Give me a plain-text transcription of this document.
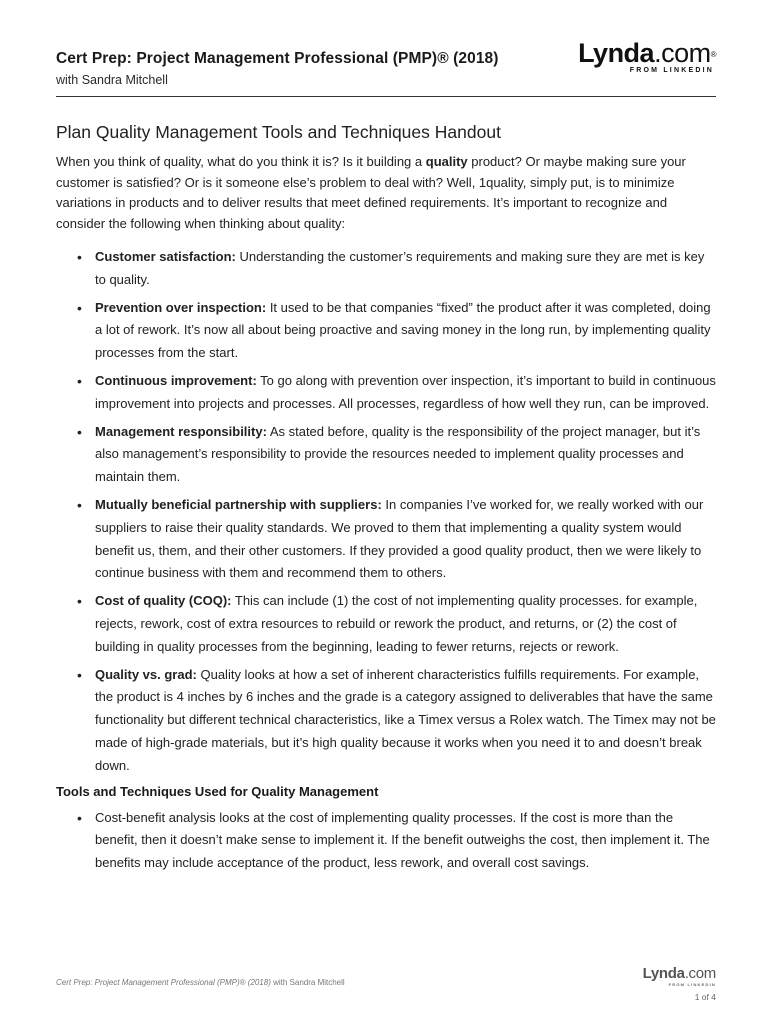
Cert Prep: Project Management Professional (PMP)® (2018)
with Sandra Mitchell
Lynda.com®
FROM LINKEDIN
Plan Quality Management Tools and Techniques Handout

When you think of quality, what do you think it is? Is it building a quality product? Or maybe making sure your customer is satisfied? Or is it someone else’s problem to deal with? Well, 1quality, simply put, is to minimize variations in products and to deliver results that meet defined requirements. It’s important to recognize and consider the following when thinking about quality:

• Customer satisfaction: Understanding the customer’s requirements and making sure they are met is key to quality.
• Prevention over inspection: It used to be that companies “fixed” the product after it was completed, doing a lot of rework. It’s now all about being proactive and saving money in the long run, by implementing quality processes from the start.
• Continuous improvement: To go along with prevention over inspection, it’s important to build in continuous improvement into projects and processes. All processes, regardless of how well they run, can be improved.
• Management responsibility: As stated before, quality is the responsibility of the project manager, but it’s also management’s responsibility to provide the resources needed to implement quality processes and maintain them.
• Mutually beneficial partnership with suppliers: In companies I’ve worked for, we really worked with our suppliers to raise their quality standards. We proved to them that implementing a quality system would benefit us, them, and their other customers. If they provided a good quality product, then we were likely to continue business with them and recommend them to others.
• Cost of quality (COQ): This can include (1) the cost of not implementing quality processes. for example, rejects, rework, cost of extra resources to rebuild or rework the product, and returns, or (2) the cost of building in quality processes from the beginning, leading to fewer returns, rejects or rework.
• Quality vs. grad: Quality looks at how a set of inherent characteristics fulfills requirements. For example, the product is 4 inches by 6 inches and the grade is a category assigned to deliverables that have the same functionality but different technical characteristics, like a Timex versus a Rolex watch. The Timex may not be made of high-grade materials, but it’s high quality because it works when you need it to and doesn’t break down.
Tools and Techniques Used for Quality Management
• Cost-benefit analysis looks at the cost of implementing quality processes. If the cost is more than the benefit, then it doesn’t make sense to implement it. If the benefit outweighs the cost, then implement it. The benefits may include acceptance of the product, less rework, and overall cost savings.
Cert Prep: Project Management Professional (PMP)® (2018) with Sandra Mitchell
Lynda.com
FROM LINKEDIN
1 of 4
